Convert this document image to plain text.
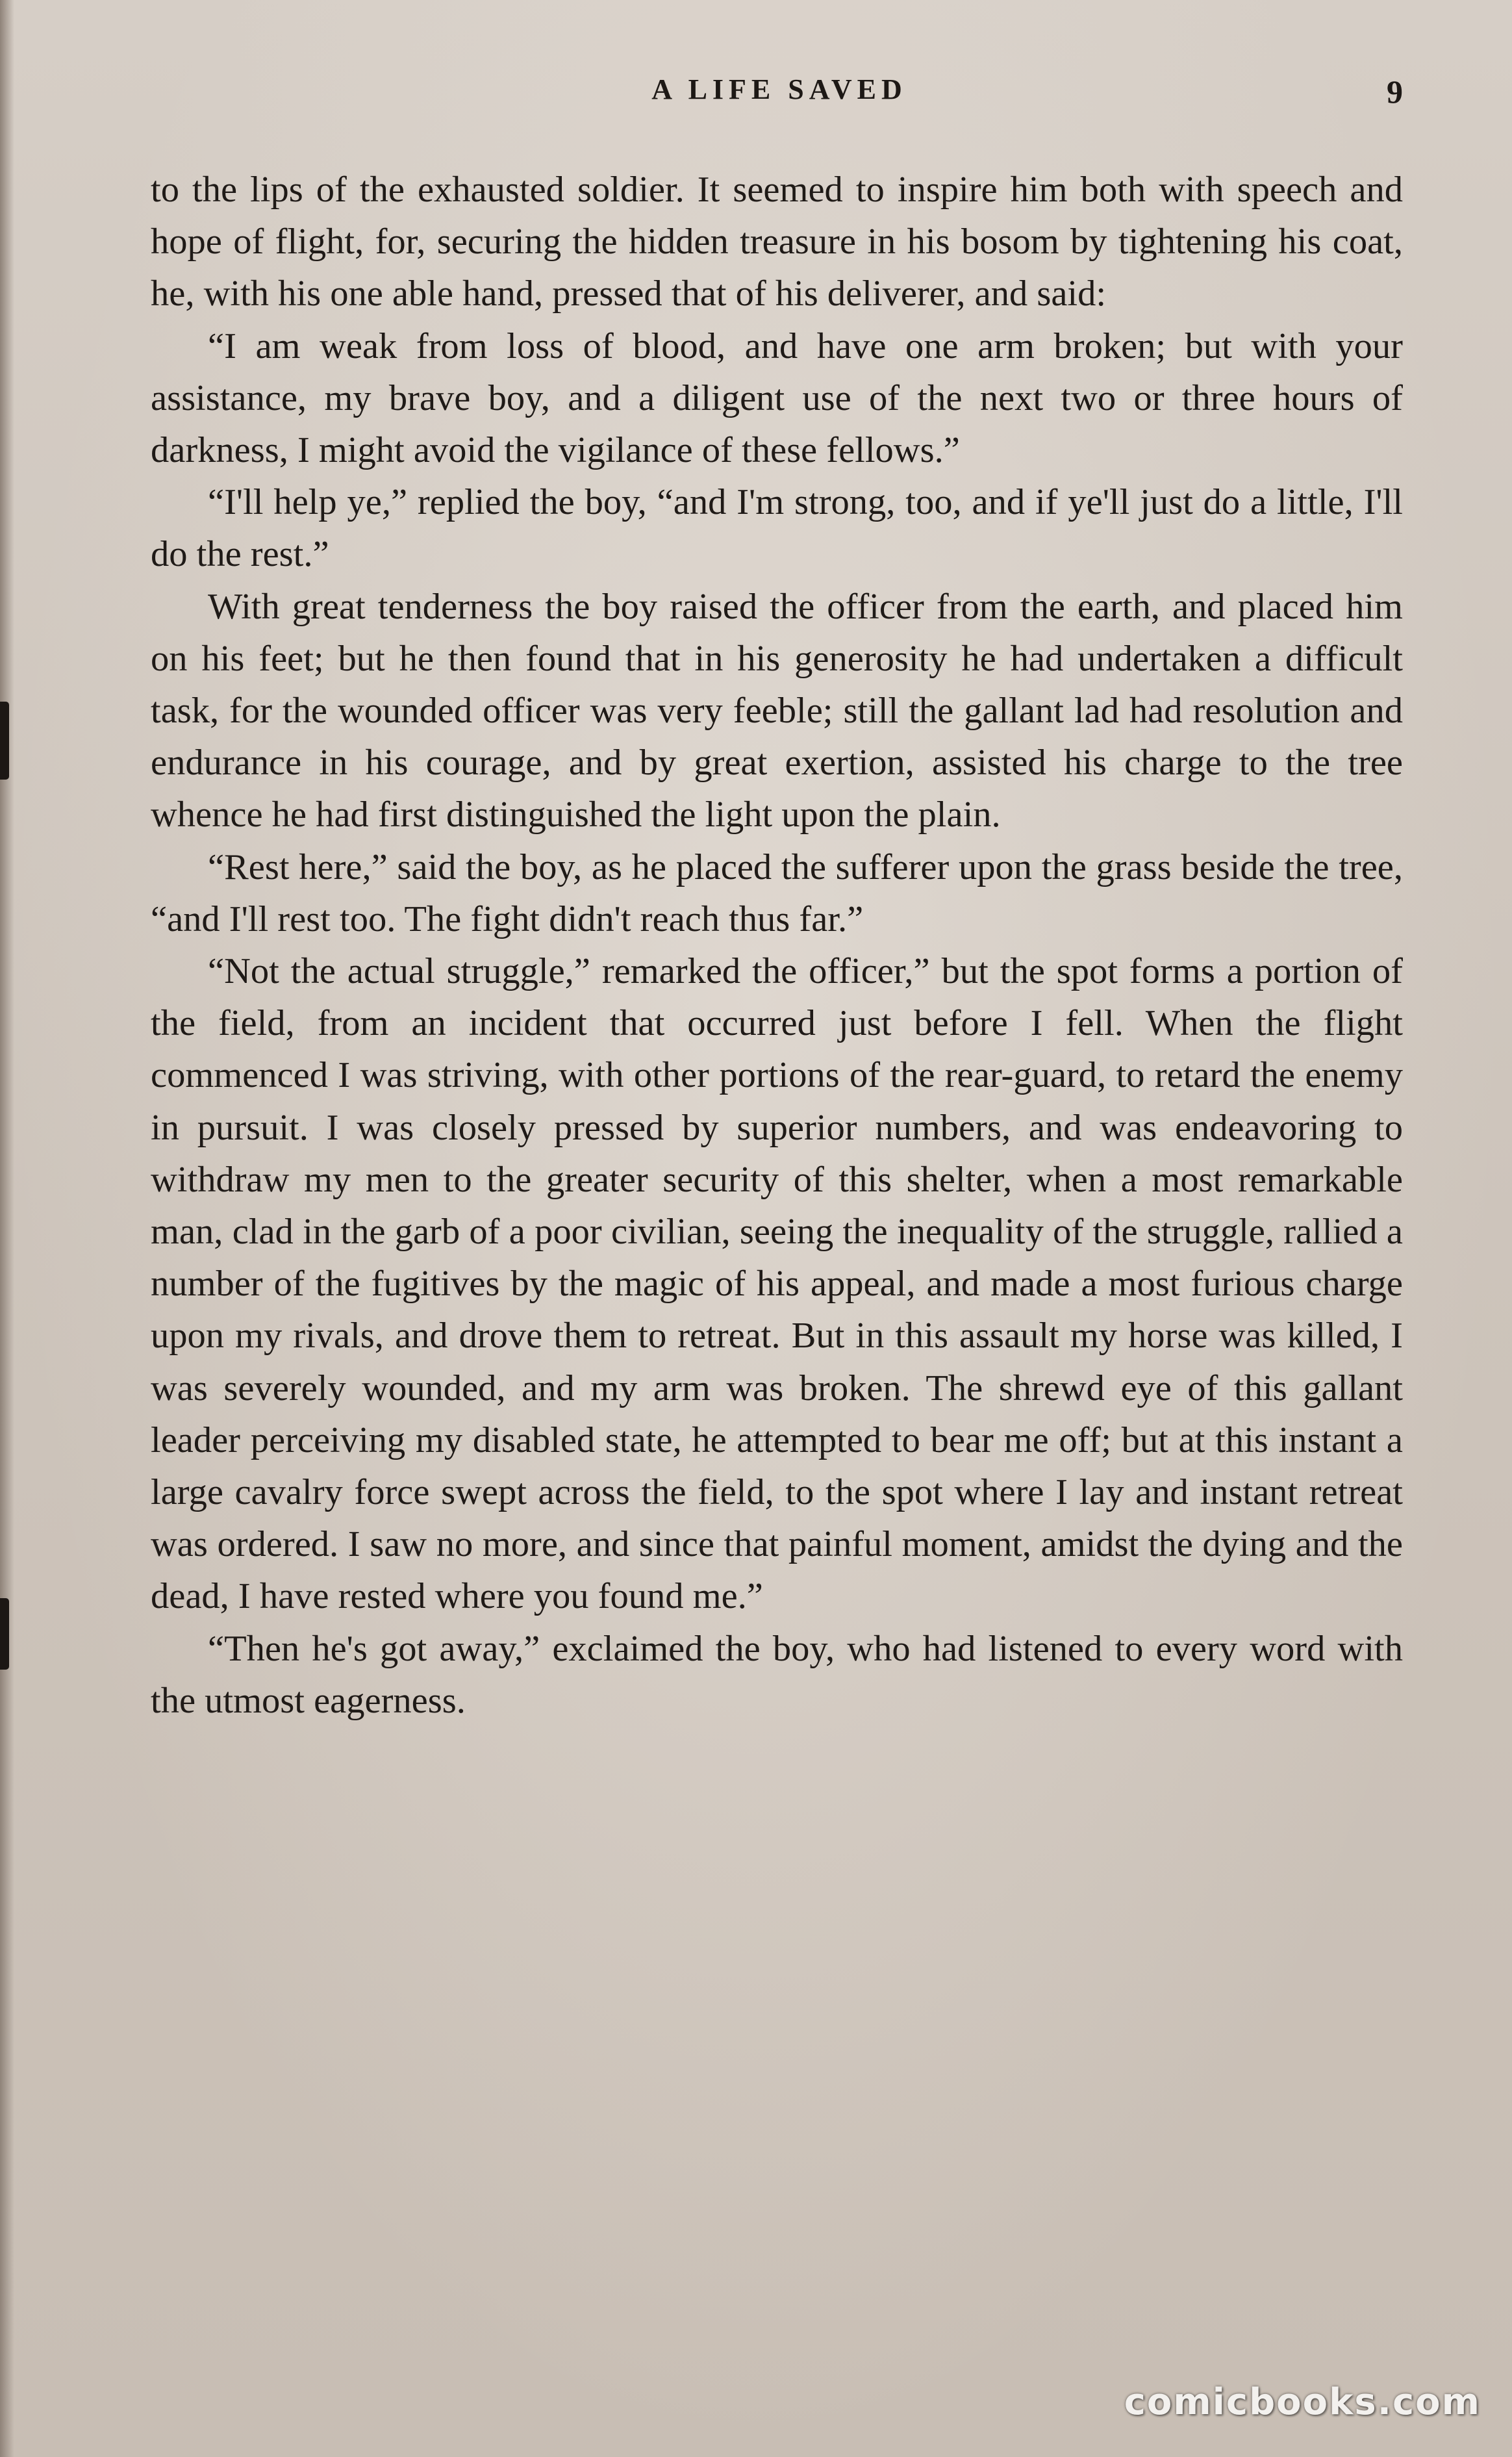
A LIFE SAVED	9

to the lips of the exhausted soldier. It seemed to inspire him both with speech and hope of flight, for, securing the hidden treasure in his bosom by tightening his coat, he, with his one able hand, pressed that of his deliverer, and said:

“I am weak from loss of blood, and have one arm broken; but with your assistance, my brave boy, and a diligent use of the next two or three hours of darkness, I might avoid the vigilance of these fellows.”

“I'll help ye,” replied the boy, “and I'm strong, too, and if ye'll just do a little, I'll do the rest.”

With great tenderness the boy raised the officer from the earth, and placed him on his feet; but he then found that in his generosity he had undertaken a difficult task, for the wounded officer was very feeble; still the gallant lad had resolution and endurance in his courage, and by great exertion, assisted his charge to the tree whence he had first distinguished the light upon the plain.

“Rest here,” said the boy, as he placed the sufferer upon the grass beside the tree, “and I'll rest too. The fight didn't reach thus far.”

“Not the actual struggle,” remarked the officer,” but the spot forms a portion of the field, from an incident that occurred just before I fell. When the flight commenced I was striving, with other portions of the rear-guard, to retard the enemy in pursuit. I was closely pressed by superior numbers, and was endeavoring to withdraw my men to the greater security of this shelter, when a most remarkable man, clad in the garb of a poor civilian, seeing the inequality of the struggle, rallied a number of the fugitives by the magic of his appeal, and made a most furious charge upon my rivals, and drove them to retreat. But in this assault my horse was killed, I was severely wounded, and my arm was broken. The shrewd eye of this gallant leader perceiving my disabled state, he attempted to bear me off; but at this instant a large cavalry force swept across the field, to the spot where I lay and instant retreat was ordered. I saw no more, and since that painful moment, amidst the dying and the dead, I have rested where you found me.”

“Then he's got away,” exclaimed the boy, who had listened to every word with the utmost eagerness.

comicbooks.com
